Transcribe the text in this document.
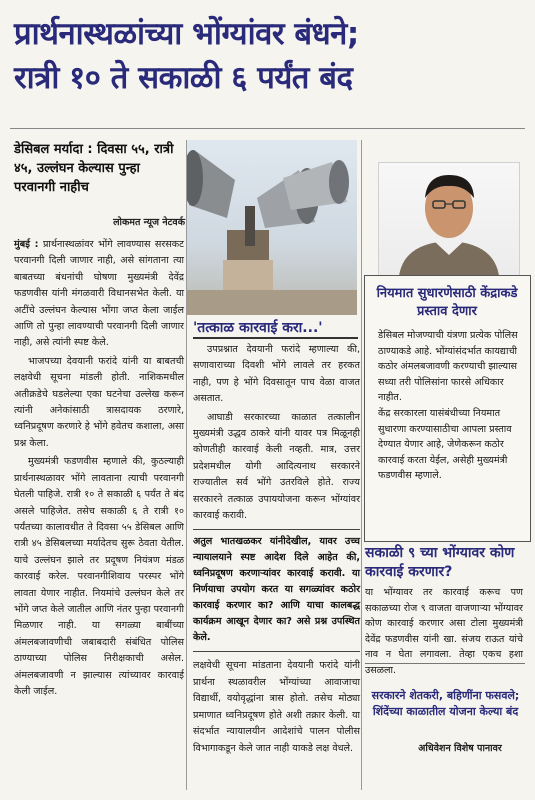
प्रार्थनास्थळांच्या भोंग्यांवर बंधने;
रात्री १० ते सकाळी ६ पर्यंत बंद
डेसिबल मर्यादा : दिवसा ५५, रात्री ४५, उल्लंघन केल्यास पुन्हा परवानगी नाहीच
लोकमत न्यूज नेटवर्क

मुंबई : प्रार्थनास्थळांवर भोंगे लावण्यास सरसकट परवानगी दिली जाणार नाही, असे सांगताना त्या बाबतच्या बंधनांची घोषणा मुख्यमंत्री देवेंद्र फडणवीस यांनी मंगळवारी विधानसभेत केली. या अटींचे उल्लंघन केल्यास भोंगा जप्त केला जाईल आणि तो पुन्हा लावण्याची परवानगी दिली जाणार नाही, असे त्यांनी स्पष्ट केले.

भाजपच्या देवयानी फरांदे यांनी या बाबतची लक्षवेधी सूचना मांडली होती. नाशिकमधील अतीक्रडेचे घडलेल्या एका घटनेचा उल्लेख करून त्यांनी अनेकांसाठी त्रासदायक ठरणारे, ध्वनिप्रदूषण करणारे हे भोंगे हवेतच कशाला, असा प्रश्न केला.

मुख्यमंत्री फडणवीस म्हणाले की, कुठल्याही प्रार्थनास्थळावर भोंगे लावताना त्याची परवानगी घेतली पाहिजे. रात्री १० ते सकाळी ६ पर्यंत ते बंद असले पाहिजेत. तसेच सकाळी ६ ते रात्री १० पर्यंतच्या कालावधीत ते दिवसा ५५ डेसिबल आणि रात्री ४५ डेसिबलच्या मर्यादेतच सुरू ठेवता येतील. याचे उल्लंघन झाले तर प्रदूषण नियंत्रण मंडळ कारवाई करेल. परवानगीशिवाय परस्पर भोंगे लावता येणार नाहीत. नियमांचे उल्लंघन केले तर भोंगे जप्त केले जातील आणि नंतर पुन्हा परवानगी मिळणार नाही. या सगळ्या बाबींच्या अंमलबजावणीची जबाबदारी संबंधित पोलिस ठाण्याच्या पोलिस निरीक्षकाची असेल. अंमलबजावणी न झाल्यास त्यांच्यावर कारवाई केली जाईल.

'तत्काळ कारवाई करा...'

उपप्रश्नात देवयानी फरांदे म्हणाल्या की, सणावाराच्या दिवशी भोंगे लावले तर हरकत नाही, पण हे भोंगे दिवसातून पाच वेळा वाजत असतात.

आघाडी सरकारच्या काळात तत्कालीन मुख्यमंत्री उद्धव ठाकरे यांनी यावर पत्र मिळूनही कोणतीही कारवाई केली नव्हती. मात्र, उत्तर प्रदेशमधील योगी आदित्यनाथ सरकारने राज्यातील सर्व भोंगे उतरविले होते. राज्य सरकारने तत्काळ उपाययोजना करून भोंग्यांवर कारवाई करावी.

अतुल भातखळकर यांनीदेखील, यावर उच्च न्यायालयाने स्पष्ट आदेश दिले आहेत की, ध्वनिप्रदूषण करणाऱ्यांवर कारवाई करावी. या निर्णयाचा उपयोग करत या सगळ्यांवर कठोर कारवाई करणार का? आणि याचा कालबद्ध कार्यक्रम आखून देणार का? असे प्रश्न उपस्थित केले.

लक्षवेधी सूचना मांडताना देवयानी फरांदे यांनी प्रार्थना स्थळावरील भोंग्यांच्या आवाजाचा विद्यार्थी, वयोवृद्धांना त्रास होतो. तसेच मोठ्या प्रमाणात ध्वनिप्रदूषण होते अशी तक्रार केली. या संदर्भात न्यायालयीन आदेशांचे पालन पोलीस विभागाकडून केले जात नाही याकडे लक्ष वेधले.

नियमात सुधारणेसाठी केंद्राकडे प्रस्ताव देणार
डेसिबल मोजण्याची यंत्रणा प्रत्येक पोलिस ठाण्याकडे आहे. भोंग्यांसंदर्भात कायद्याची कठोर अंमलबजावणी करण्याची झाल्यास सध्या तरी पोलिसांना फारसे अधिकार नाहीत.
केंद्र सरकारला यासंबंधीच्या नियमात सुधारणा करण्यासाठीचा आपला प्रस्ताव देण्यात येणार आहे, जेणेकरून कठोर कारवाई करता येईल, असेही मुख्यमंत्री फडणवीस म्हणाले.
सकाळी ९ च्या भोंग्यावर कोण कारवाई करणार?
या भोंग्यावर तर कारवाई करूच पण सकाळच्या रोज ९ वाजता वाजणाऱ्या भोंग्यावर कोण कारवाई करणार असा टोला मुख्यमंत्री देवेंद्र फडणवीस यांनी खा. संजय राऊत यांचे नाव न घेता लगावला. तेव्हा एकच हशा उसळला.
सरकारने शेतकरी, बहिणींना फसवले; शिंदेंच्या काळातील योजना केल्या बंद
अधिवेशन विशेष पानावर
